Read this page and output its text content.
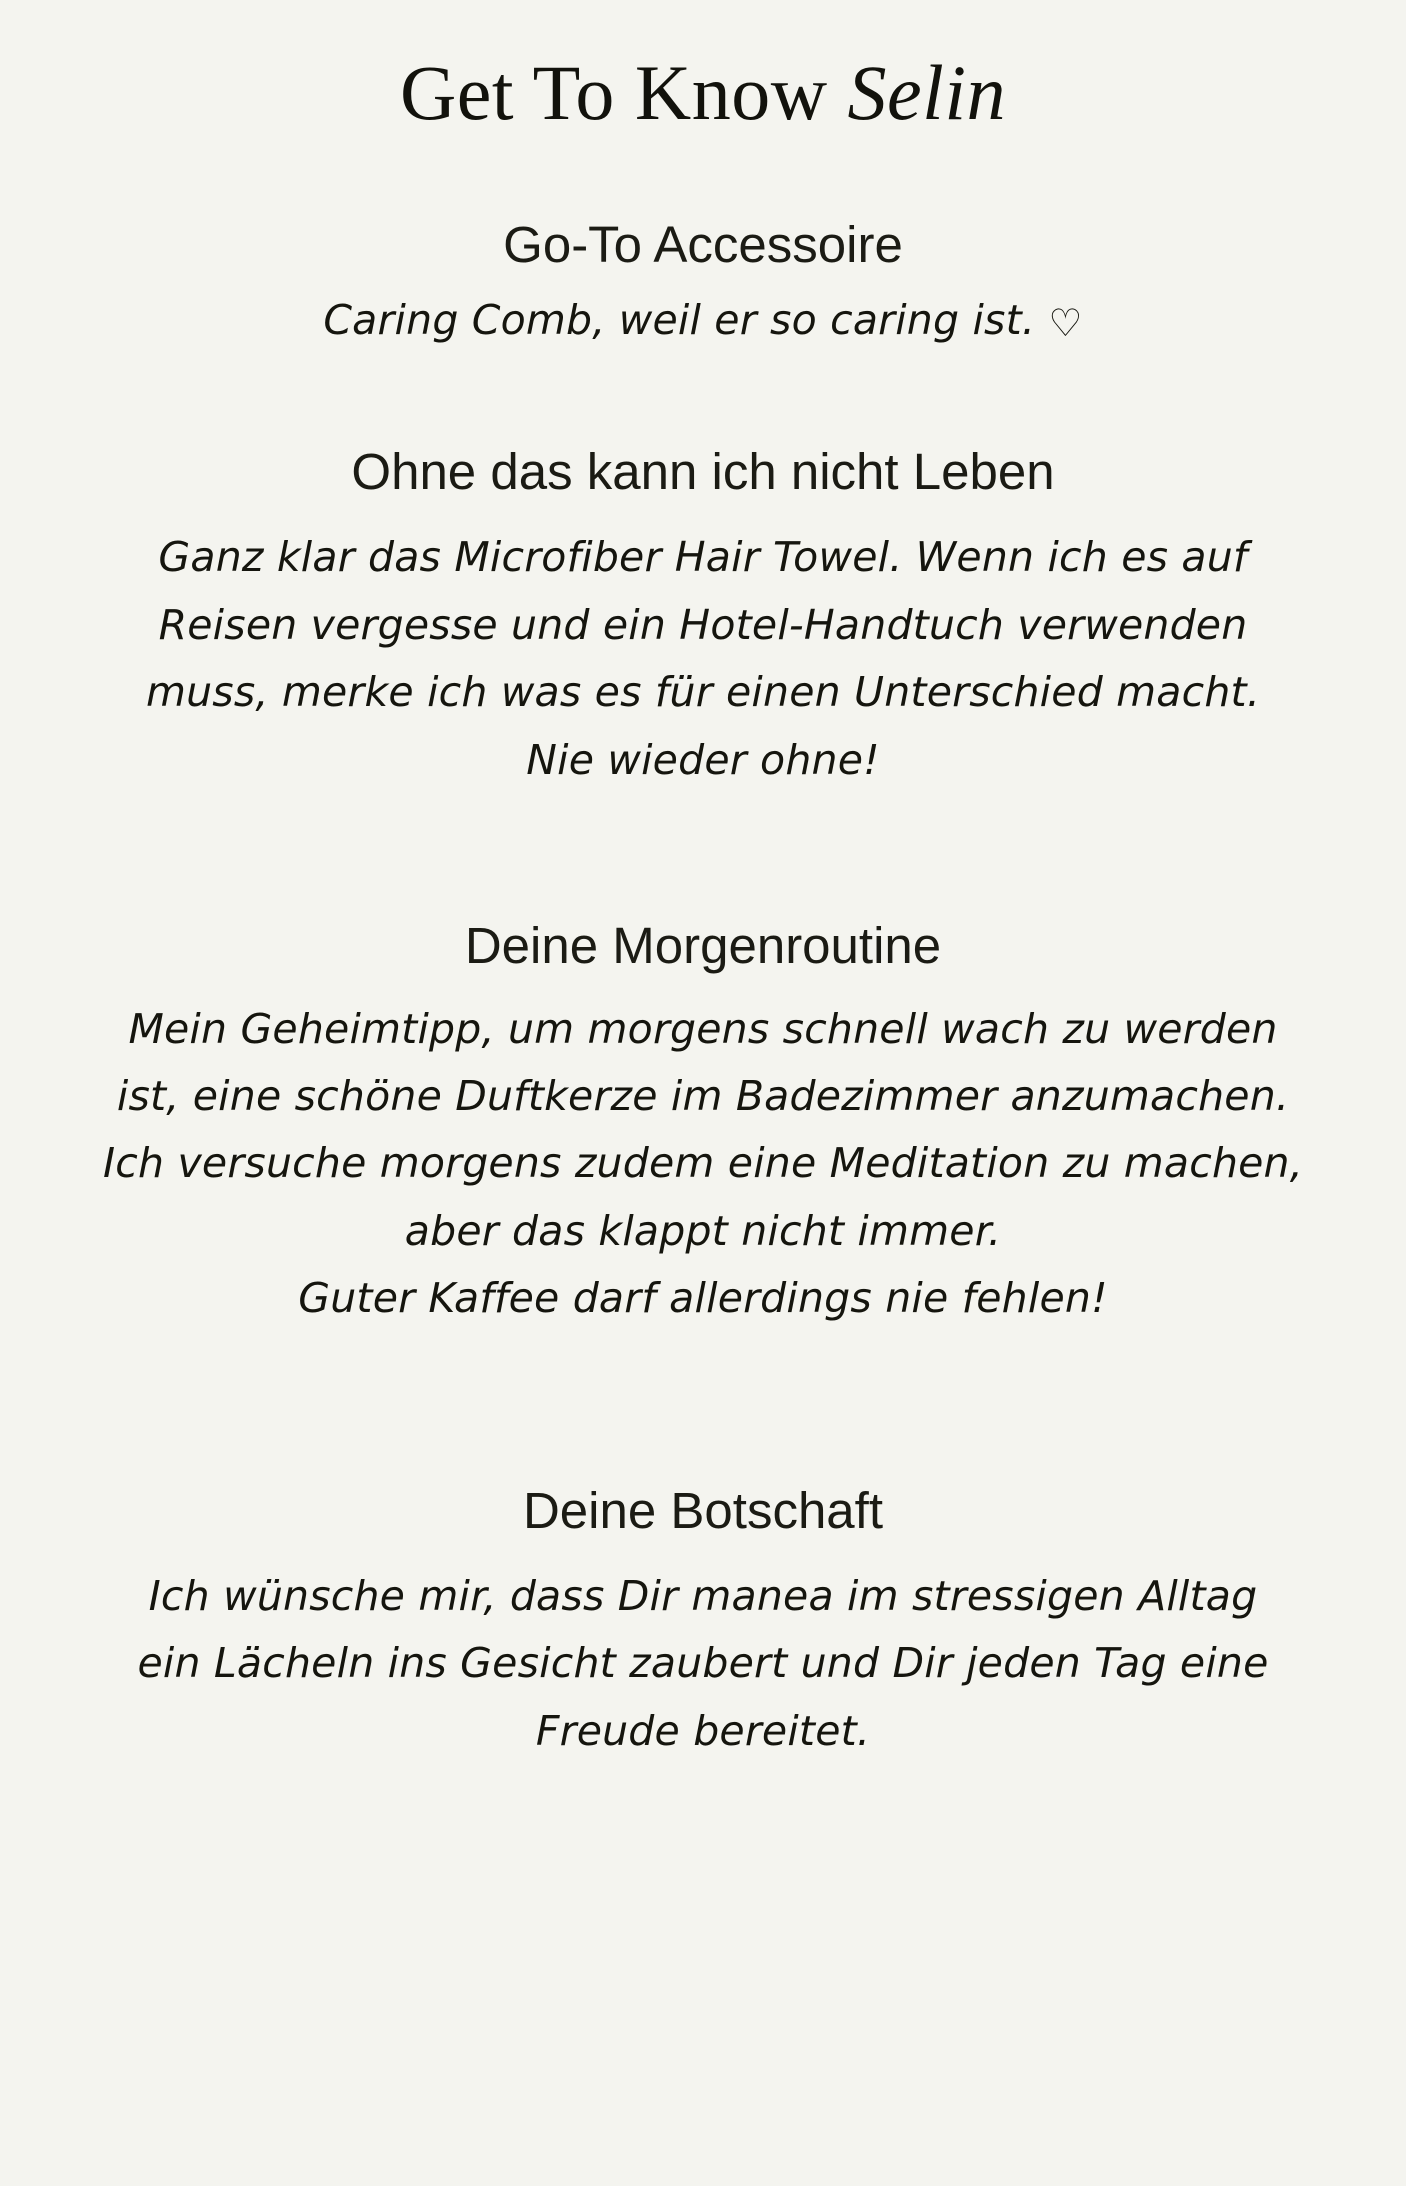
Get To Know Selin
Go-To Accessoire

Caring Comb, weil er so caring ist. ♡

Ohne das kann ich nicht Leben

Ganz klar das Microfiber Hair Towel. Wenn ich es auf
Reisen vergesse und ein Hotel-Handtuch verwenden
muss, merke ich was es für einen Unterschied macht.
Nie wieder ohne!

Deine Morgenroutine

Mein Geheimtipp, um morgens schnell wach zu werden
ist, eine schöne Duftkerze im Badezimmer anzumachen.
Ich versuche morgens zudem eine Meditation zu machen,
aber das klappt nicht immer.
Guter Kaffee darf allerdings nie fehlen!

Deine Botschaft

Ich wünsche mir, dass Dir manea im stressigen Alltag
ein Lächeln ins Gesicht zaubert und Dir jeden Tag eine
Freude bereitet.
